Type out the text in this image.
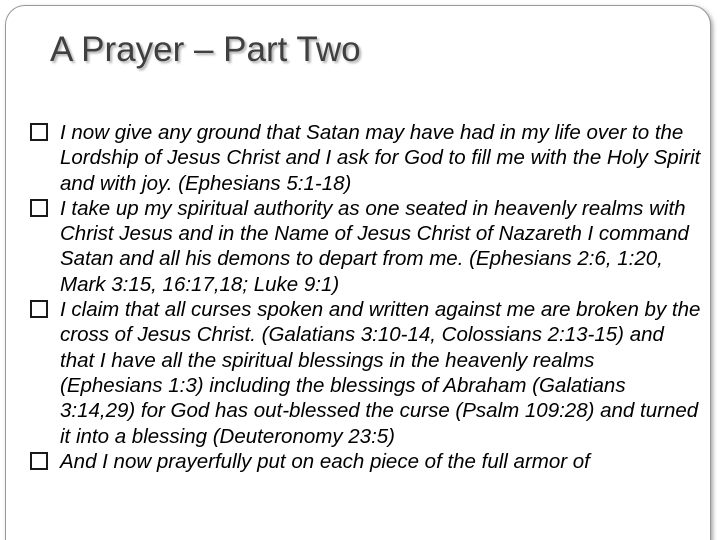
A Prayer – Part Two

I now give any ground that Satan may have had in my life over to the Lordship of Jesus Christ and I ask for God to fill me with the Holy Spirit and with joy. (Ephesians 5:1-18)

I take up my spiritual authority as one seated in heavenly realms with Christ Jesus and in the Name of Jesus Christ of Nazareth I command Satan and all his demons to depart from me. (Ephesians 2:6, 1:20, Mark 3:15, 16:17,18; Luke 9:1)

I claim that all curses spoken and written against me are broken by the cross of Jesus Christ. (Galatians 3:10-14, Colossians 2:13-15) and that I have all the spiritual blessings in the heavenly realms (Ephesians 1:3) including the blessings of Abraham (Galatians 3:14,29) for God has out-blessed the curse (Psalm 109:28) and turned it into a blessing (Deuteronomy 23:5)

And I now prayerfully put on each piece of the full armor of
